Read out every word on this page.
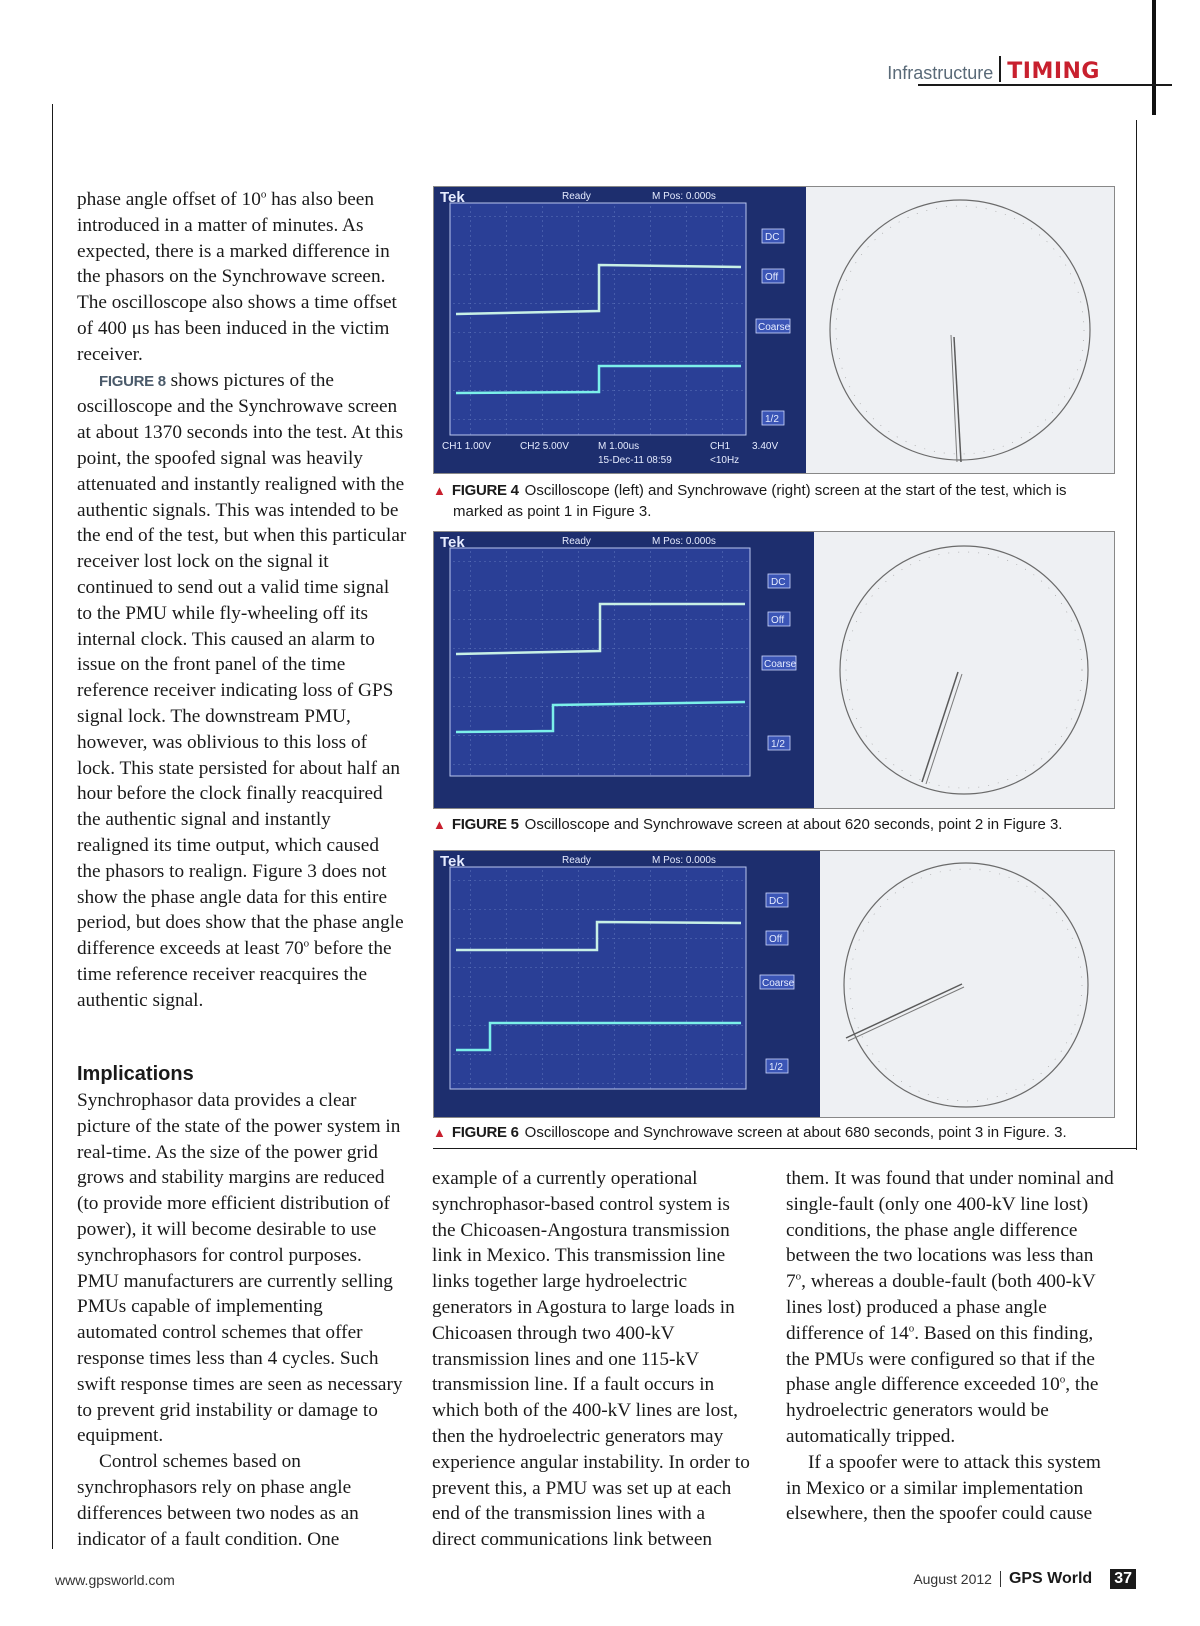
Infrastructure TIMING

phase angle offset of 10$^o$ has also been introduced in a matter of minutes. As expected, there is a marked difference in the phasors on the Synchrowave screen. The oscilloscope also shows a time offset of 400 μs has been induced in the victim receiver.

FIGURE 8 shows pictures of the oscilloscope and the Synchrowave screen at about 1370 seconds into the test. At this point, the spoofed signal was heavily attenuated and instantly realigned with the authentic signals. This was intended to be the end of the test, but when this particular receiver lost lock on the signal it continued to send out a valid time signal to the PMU while fly-wheeling off its internal clock. This caused an alarm to issue on the front panel of the time reference receiver indicating loss of GPS signal lock. The downstream PMU, however, was oblivious to this loss of lock. This state persisted for about half an hour before the clock finally reacquired the authentic signal and instantly realigned its time output, which caused the phasors to realign. Figure 3 does not show the phase angle data for this entire period, but does show that the phase angle difference exceeds at least 70$^o$ before the time reference receiver reacquires the authentic signal.

Implications

Synchrophasor data provides a clear picture of the state of the power system in real-time. As the size of the power grid grows and stability margins are reduced (to provide more efficient distribution of power), it will become desirable to use synchrophasors for control purposes. PMU manufacturers are currently selling PMUs capable of implementing automated control schemes that offer response times less than 4 cycles. Such swift response times are seen as necessary to prevent grid instability or damage to equipment.

Control schemes based on synchrophasors rely on phase angle differences between two nodes as an indicator of a fault condition. One

example of a currently operational synchrophasor-based control system is the Chicoasen-Angostura transmission link in Mexico. This transmission line links together large hydroelectric generators in Agostura to large loads in Chicoasen through two 400-kV transmission lines and one 115-kV transmission line. If a fault occurs in which both of the 400-kV lines are lost, then the hydroelectric generators may experience angular instability. In order to prevent this, a PMU was set up at each end of the transmission lines with a direct communications link between

them. It was found that under nominal and single-fault (only one 400-kV line lost) conditions, the phase angle difference between the two locations was less than 7$^o$, whereas a double-fault (both 400-kV lines lost) produced a phase angle difference of 14$^o$. Based on this finding, the PMUs were configured so that if the phase angle difference exceeded 10$^o$, the hydroelectric generators would be automatically tripped.

If a spoofer were to attack this system in Mexico or a similar implementation elsewhere, then the spoofer could cause

Tek	Ready	M Pos: 0.000s
DC
Off
Coarse
1/2
CH1 1.00V	CH2 5.00V	M 1.00us
15-Dec-11 08:59
CH1 3.40V
<10Hz
▲ FIGURE 4 Oscilloscope (left) and Synchrowave (right) screen at the start of the test, which is
marked as point 1 in Figure 3.
Tek	Ready	M Pos: 0.000s
DC
Off
Coarse
1/2
▲ FIGURE 5 Oscilloscope and Synchrowave screen at about 620 seconds, point 2 in Figure 3.
Tek	Ready	M Pos: 0.000s
DC
Off
Coarse
1/2
▲ FIGURE 6 Oscilloscope and Synchrowave screen at about 680 seconds, point 3 in Figure. 3.
www.gpsworld.com	August 2012 GPS World 37
